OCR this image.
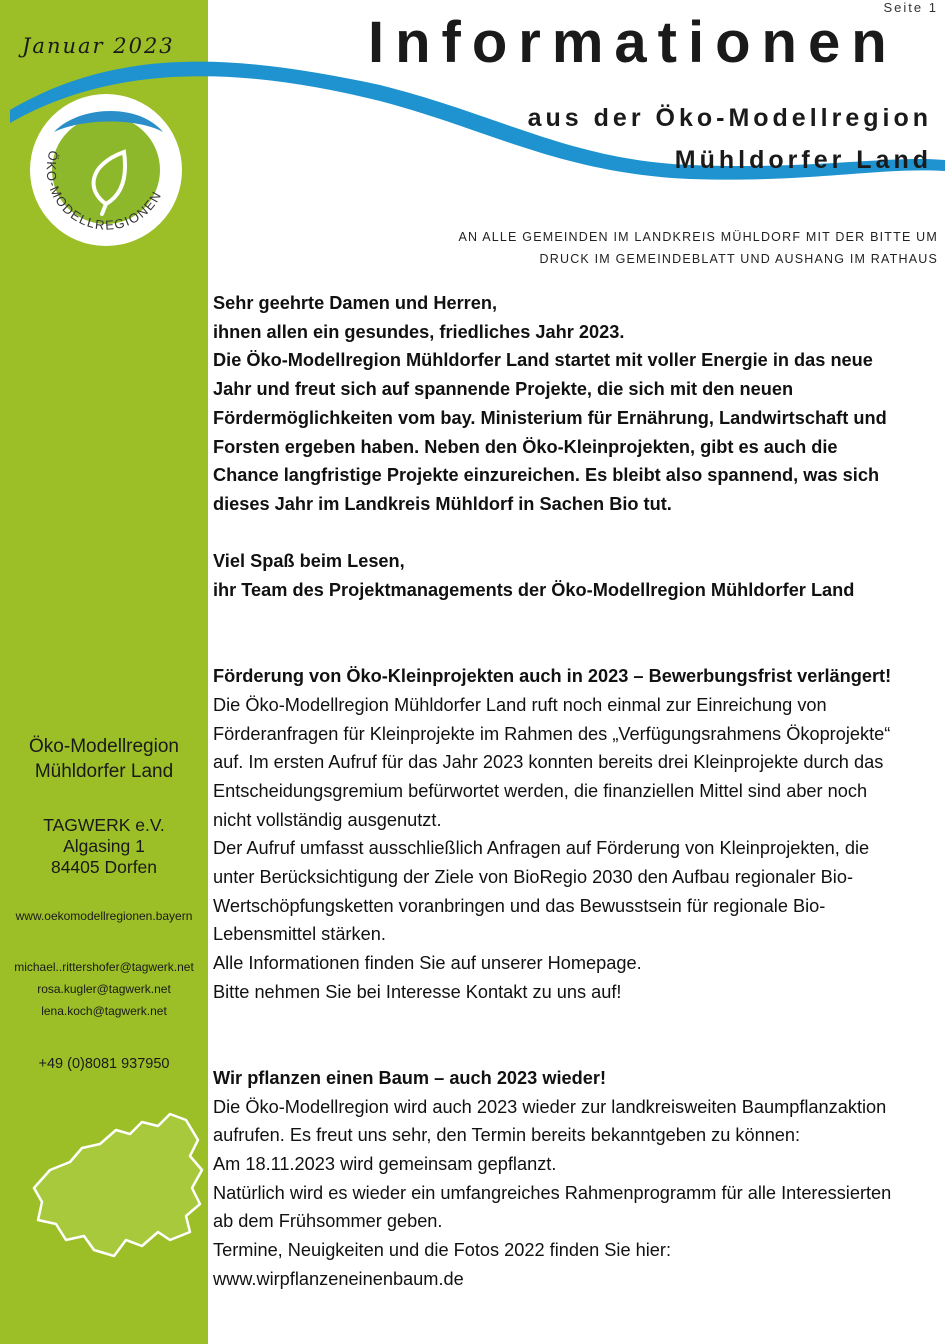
Seite 1
Januar 2023
ÖKO-MODELLREGIONEN
Informationen
aus der Öko-Modellregion
Mühldorfer Land
AN ALLE GEMEINDEN IM LANDKREIS MÜHLDORF MIT DER BITTE UM
DRUCK IM GEMEINDEBLATT UND AUSHANG IM RATHAUS

Sehr geehrte Damen und Herren,

ihnen allen ein gesundes, friedliches Jahr 2023.

Die Öko-Modellregion Mühldorfer Land startet mit voller Energie in das neue

Jahr und freut sich auf spannende Projekte, die sich mit den neuen

Fördermöglichkeiten vom bay. Ministerium für Ernährung, Landwirtschaft und

Forsten ergeben haben. Neben den Öko-Kleinprojekten, gibt es auch die

Chance langfristige Projekte einzureichen. Es bleibt also spannend, was sich

dieses Jahr im Landkreis Mühldorf in Sachen Bio tut.

Viel Spaß beim Lesen,

ihr Team des Projektmanagements der Öko-Modellregion Mühldorfer Land

Förderung von Öko-Kleinprojekten auch in 2023 – Bewerbungsfrist verlängert!

Die Öko-Modellregion Mühldorfer Land ruft noch einmal zur Einreichung von

Förderanfragen für Kleinprojekte im Rahmen des „Verfügungsrahmens Ökoprojekte“

auf. Im ersten Aufruf für das Jahr 2023 konnten bereits drei Kleinprojekte durch das

Entscheidungsgremium befürwortet werden, die finanziellen Mittel sind aber noch

nicht vollständig ausgenutzt.

Der Aufruf umfasst ausschließlich Anfragen auf Förderung von Kleinprojekten, die

unter Berücksichtigung der Ziele von BioRegio 2030 den Aufbau regionaler Bio-

Wertschöpfungsketten voranbringen und das Bewusstsein für regionale Bio-

Lebensmittel stärken.

Alle Informationen finden Sie auf unserer Homepage.

Bitte nehmen Sie bei Interesse Kontakt zu uns auf!

Wir pflanzen einen Baum – auch 2023 wieder!

Die Öko-Modellregion wird auch 2023 wieder zur landkreisweiten Baumpflanzaktion

aufrufen. Es freut uns sehr, den Termin bereits bekanntgeben zu können:

Am 18.11.2023 wird gemeinsam gepflanzt.

Natürlich wird es wieder ein umfangreiches Rahmenprogramm für alle Interessierten

ab dem Frühsommer geben.

Termine, Neuigkeiten und die Fotos 2022 finden Sie hier:

www.wirpflanzeneinenbaum.de

Öko-Modellregion
Mühldorfer Land
TAGWERK e.V.
Algasing 1
84405 Dorfen
www.oekomodellregionen.bayern
michael..rittershofer@tagwerk.net
rosa.kugler@tagwerk.net
lena.koch@tagwerk.net
+49 (0)8081 937950
